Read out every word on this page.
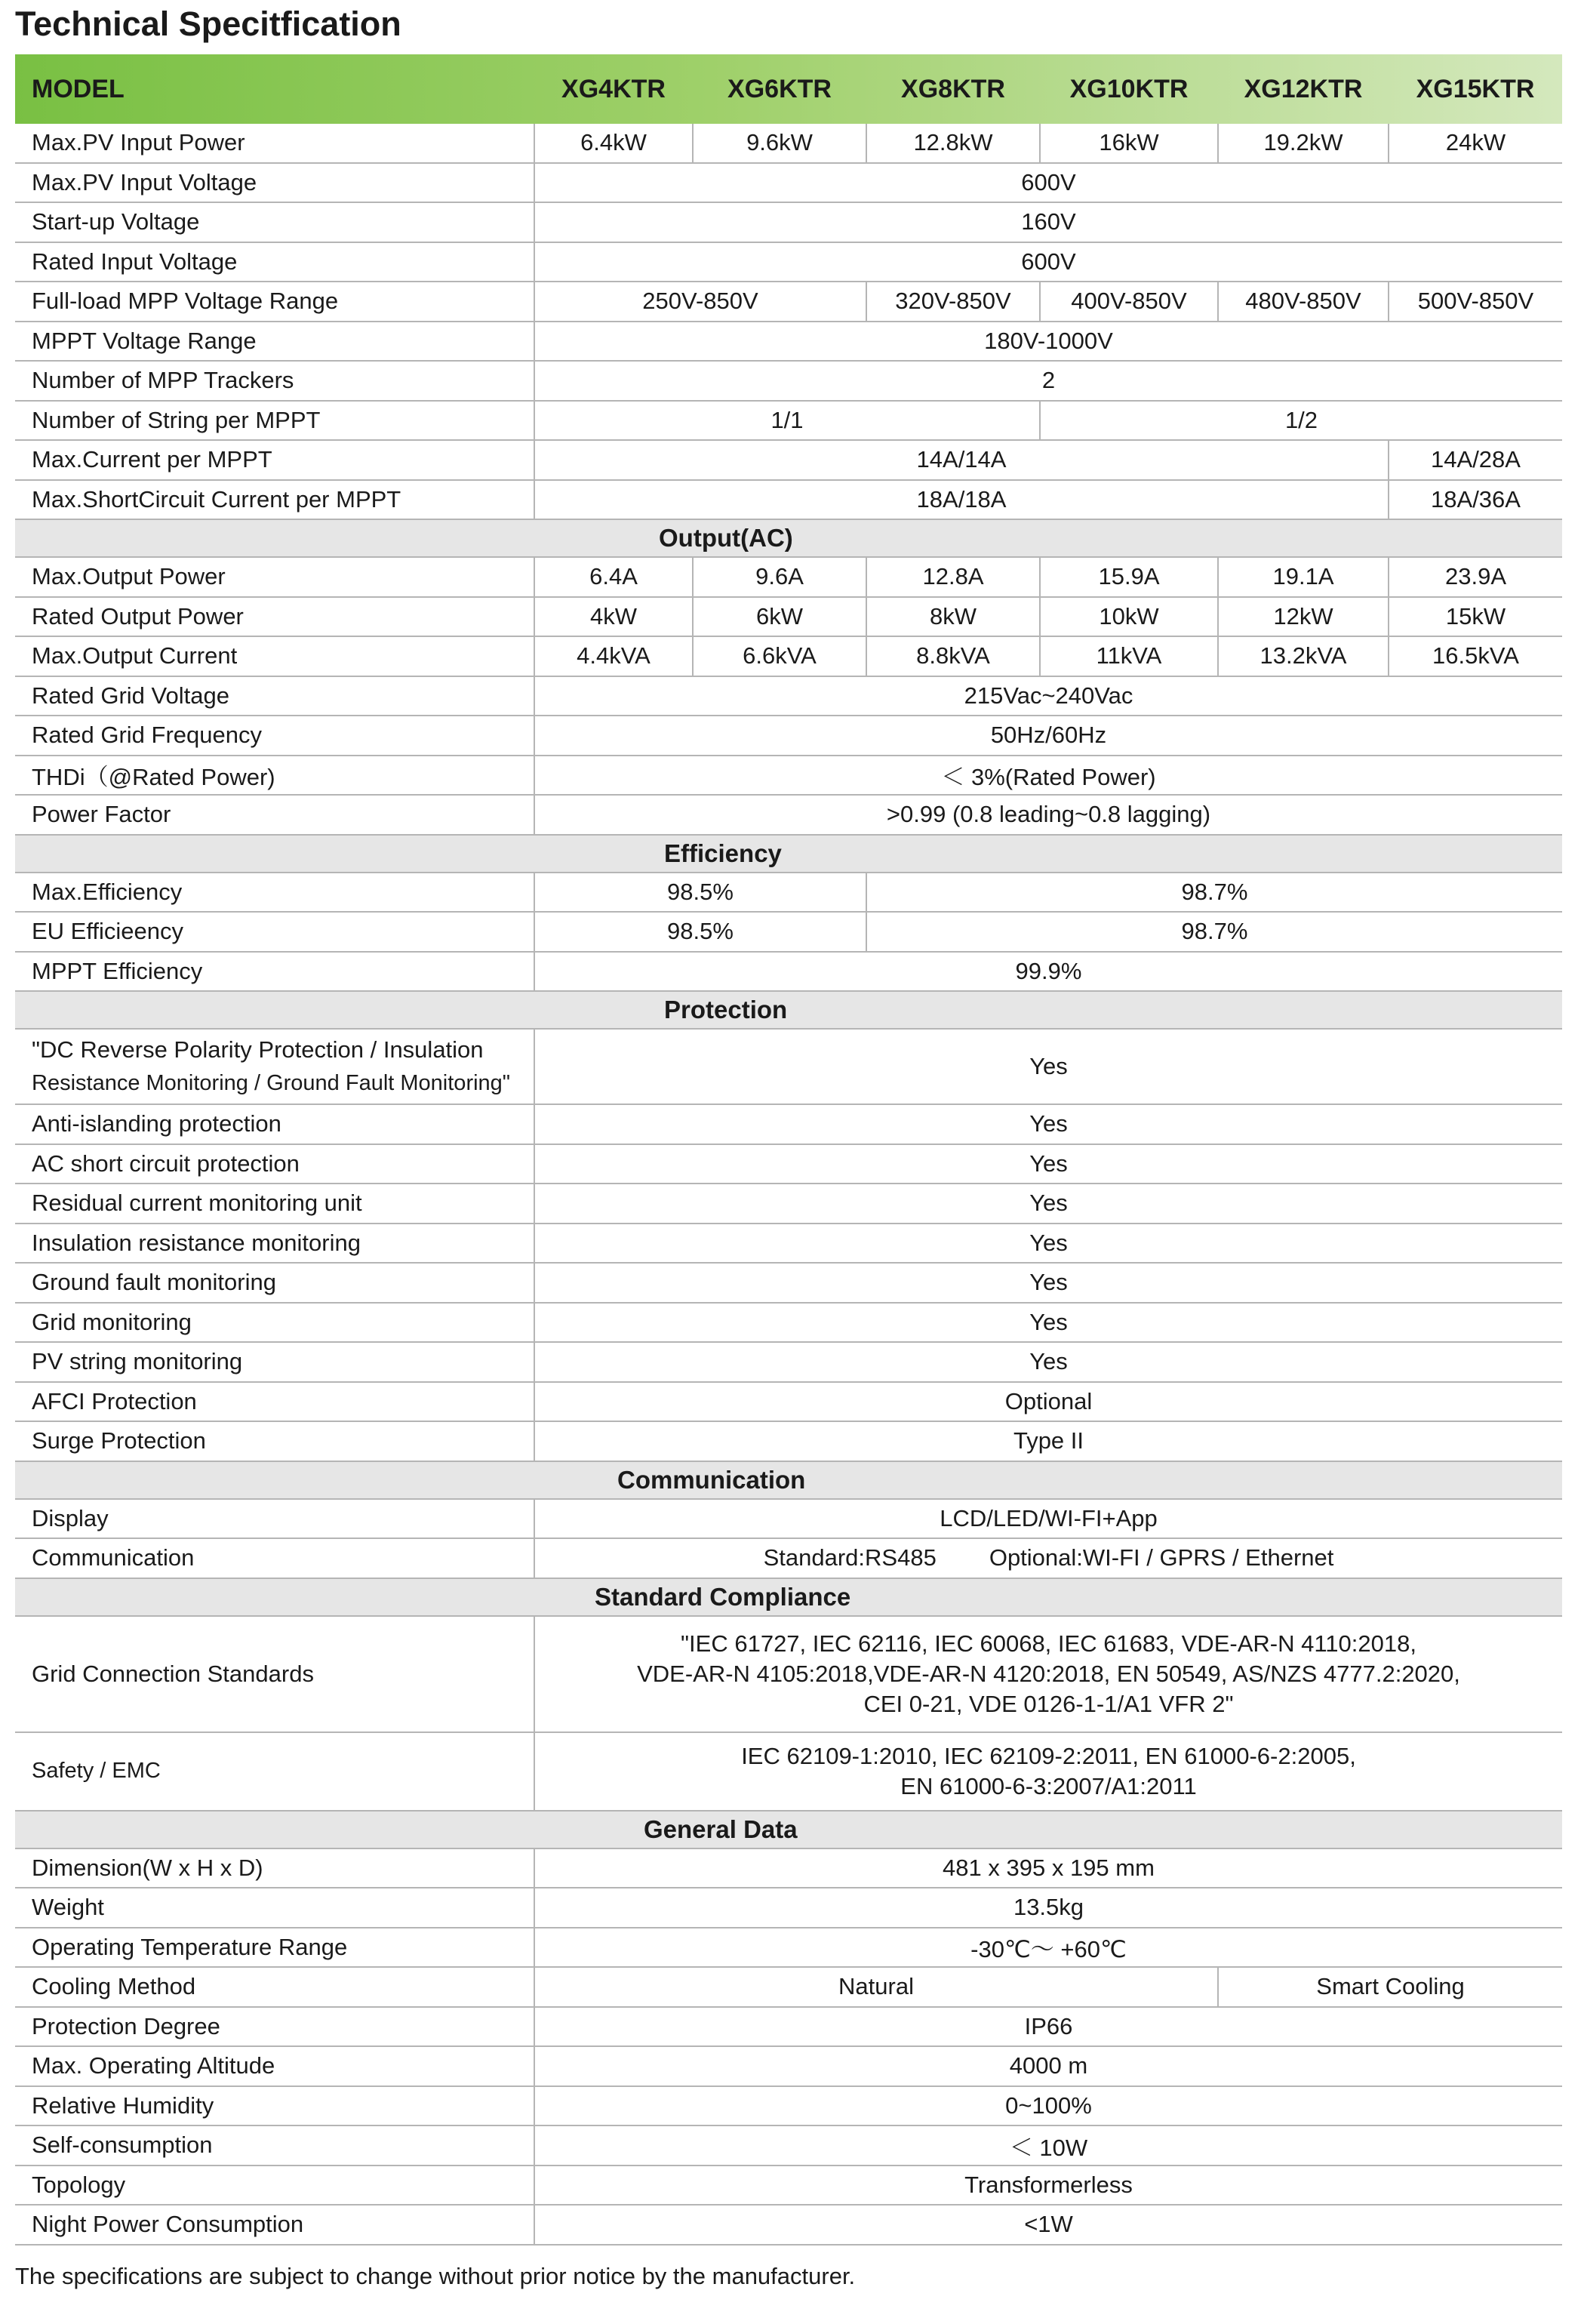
Technical Specitfication
MODEL	XG4KTR	XG6KTR	XG8KTR	XG10KTR	XG12KTR	XG15KTR
Max.PV Input Power	6.4kW	9.6kW	12.8kW	16kW	19.2kW	24kW
Max.PV Input Voltage	600V					
Start-up Voltage	160V					
Rated Input Voltage	600V					
Full-load MPP Voltage Range	250V-850V		320V-850V	400V-850V	480V-850V	500V-850V
MPPT Voltage Range	180V-1000V					
Number of MPP Trackers	2					
Number of String per MPPT	1/1			1/2		
Max.Current per MPPT	14A/14A					14A/28A
Max.ShortCircuit Current per MPPT	18A/18A					18A/36A
	Output(AC)					
Max.Output Power	6.4A	9.6A	12.8A	15.9A	19.1A	23.9A
Rated Output Power	4kW	6kW	8kW	10kW	12kW	15kW
Max.Output Current	4.4kVA	6.6kVA	8.8kVA	11kVA	13.2kVA	16.5kVA
Rated Grid Voltage	215Vac~240Vac					
Rated Grid Frequency	50Hz/60Hz					
THDi（@Rated Power)	＜ 3%(Rated Power)					
Power Factor	>0.99 (0.8 leading~0.8 lagging)					
	Efficiency					
Max.Efficiency	98.5%		98.7%			
EU Efficieency	98.5%		98.7%			
MPPT Efficiency	99.9%					
	Protection					
"DC Reverse Polarity Protection / Insulation
Resistance Monitoring / Ground Fault Monitoring"	Yes					
Anti-islanding protection	Yes					
AC short circuit protection	Yes					
Residual current monitoring unit	Yes					
Insulation resistance monitoring	Yes					
Ground fault monitoring	Yes					
Grid monitoring	Yes					
PV string monitoring	Yes					
AFCI Protection	Optional					
Surge Protection	Type II					
	Communication					
Display	LCD/LED/WI-FI+App					
Communication	Standard:RS485 Optional:WI-FI / GPRS / Ethernet					
	Standard Compliance					
Grid Connection Standards	"IEC 61727, IEC 62116, IEC 60068, IEC 61683, VDE-AR-N 4110:2018,
VDE-AR-N 4105:2018,VDE-AR-N 4120:2018, EN 50549, AS/NZS 4777.2:2020,
CEI 0-21, VDE 0126-1-1/A1 VFR 2"					

Safety / EMC	IEC 62109-1:2010, IEC 62109-2:2011, EN 61000-6-2:2005,
EN 61000-6-3:2007/A1:2011					

	General Data					
Dimension(W x H x D)	481 x 395 x 195 mm					
Weight	13.5kg					
Operating Temperature Range	-30℃～ +60℃					
Cooling Method	Natural				Smart Cooling	
Protection Degree	IP66					
Max. Operating Altitude	4000 m					
Relative Humidity	0~100%					
Self-consumption	＜ 10W					
Topology	Transformerless					
Night Power Consumption	<1W					
The specifications are subject to change without prior notice by the manufacturer.
